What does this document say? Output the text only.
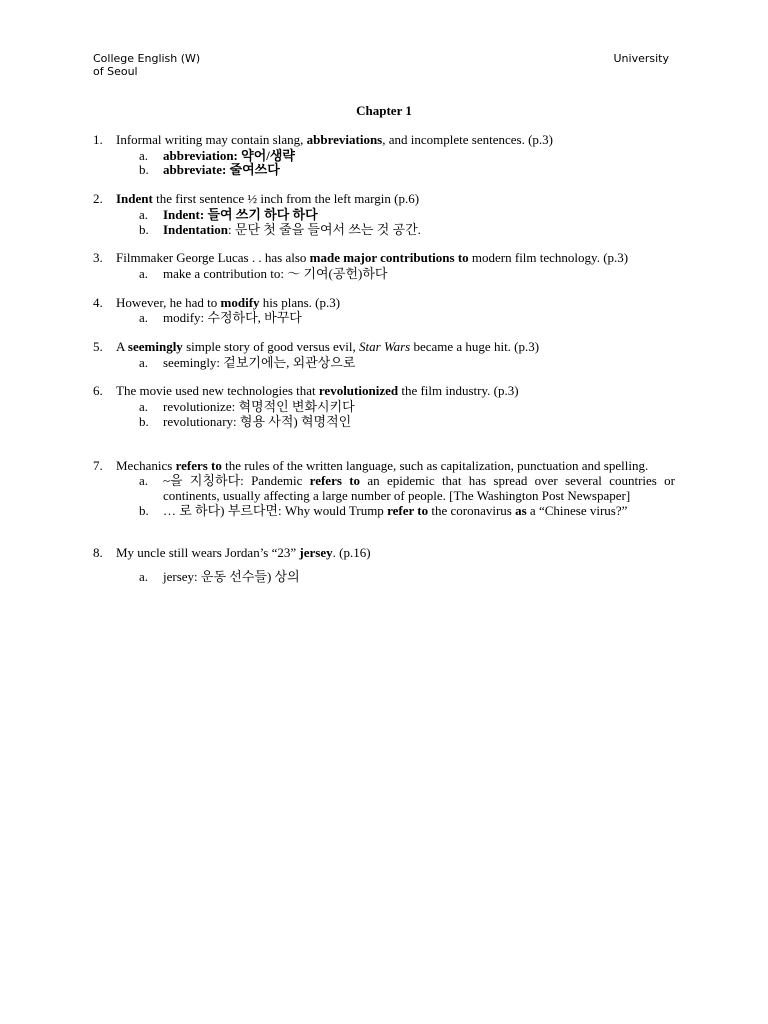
College English (W)	University
of Seoul
Chapter 1
1. Informal writing may contain slang, abbreviations, and incomplete sentences. (p.3)
a. abbreviation: 약어/생략
b. abbreviate: 줄여쓰다
2. Indent the first sentence ½ inch from the left margin (p.6)
a. Indent: 들여 쓰기 하다 하다
b. Indentation: 문단 첫 줄을 들여서 쓰는 것 공간.
3. Filmmaker George Lucas . . has also made major contributions to modern film technology. (p.3)
a. make a contribution to: ～ 기여(공헌)하다
4. However, he had to modify his plans. (p.3)
a. modify: 수정하다, 바꾸다
5. A seemingly simple story of good versus evil, Star Wars became a huge hit. (p.3)
a. seemingly: 겉보기에는, 외관상으로
6. The movie used new technologies that revolutionized the film industry. (p.3)
a. revolutionize: 혁명적인 변화시키다
b. revolutionary: 형용 사적) 혁명적인
7. Mechanics refers to the rules of the written language, such as capitalization, punctuation and spelling.
a. ~을 지칭하다: Pandemic refers to an epidemic that has spread over several countries or continents, usually affecting a large number of people. [The Washington Post Newspaper]
b. … 로 하다) 부르다면: Why would Trump refer to the coronavirus as a “Chinese virus?”
8. My uncle still wears Jordan’s “23” jersey. (p.16)
a. jersey: 운동 선수들) 상의
